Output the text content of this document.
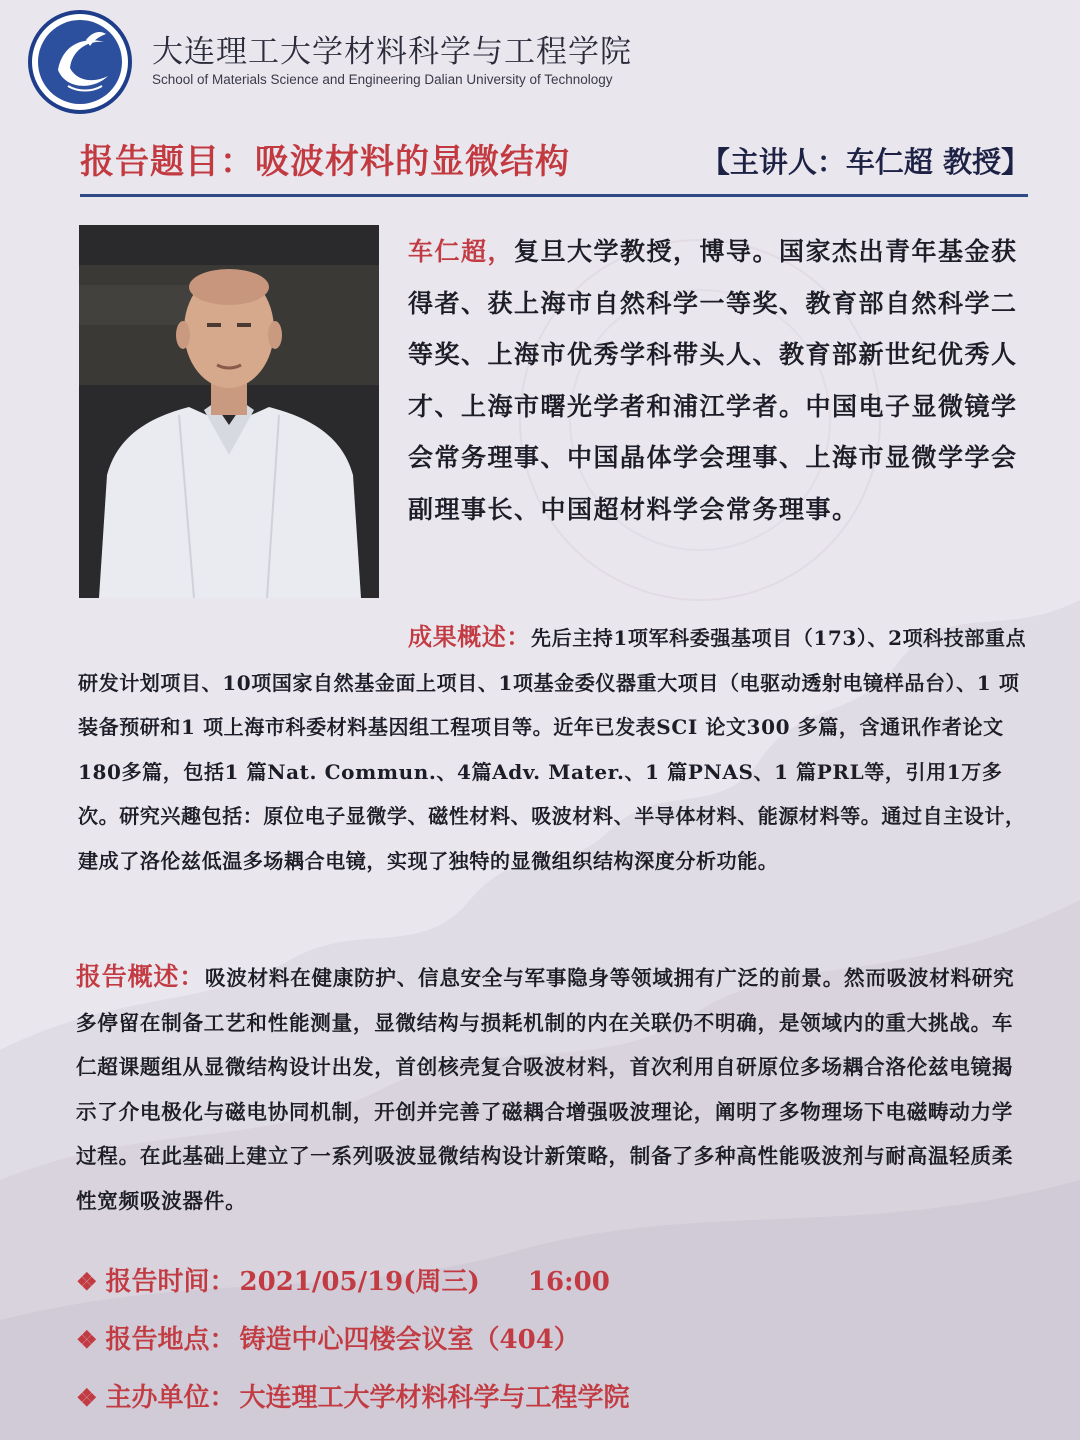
大连理工大学材料科学与工程学院
School of Materials Science and Engineering Dalian University of Technology
报告题目：吸波材料的显微结构	【主讲人：车仁超 教授】
车仁超，复旦大学教授，博导。国家杰出青年基金获得者、获上海市自然科学一等奖、教育部自然科学二等奖、上海市优秀学科带头人、教育部新世纪优秀人才、上海市曙光学者和浦江学者。中国电子显微镜学会常务理事、中国晶体学会理事、上海市显微学学会副理事长、中国超材料学会常务理事。
成果概述：先后主持1项军科委强基项目（173）、2项科技部重点研发计划项目、10项国家自然基金面上项目、1项基金委仪器重大项目（电驱动透射电镜样品台）、1 项装备预研和1 项上海市科委材料基因组工程项目等。近年已发表SCI 论文300 多篇，含通讯作者论文180多篇，包括1 篇Nat. Commun.、4篇Adv. Mater.、1 篇PNAS、1 篇PRL等，引用1万多次。研究兴趣包括：原位电子显微学、磁性材料、吸波材料、半导体材料、能源材料等。通过自主设计，建成了洛伦兹低温多场耦合电镜，实现了独特的显微组织结构深度分析功能。
报告概述：吸波材料在健康防护、信息安全与军事隐身等领域拥有广泛的前景。然而吸波材料研究多停留在制备工艺和性能测量，显微结构与损耗机制的内在关联仍不明确，是领域内的重大挑战。车仁超课题组从显微结构设计出发，首创核壳复合吸波材料，首次利用自研原位多场耦合洛伦兹电镜揭示了介电极化与磁电协同机制，开创并完善了磁耦合增强吸波理论，阐明了多物理场下电磁畴动力学过程。在此基础上建立了一系列吸波显微结构设计新策略，制备了多种高性能吸波剂与耐高温轻质柔性宽频吸波器件。
❖ 报告时间： 2021/05/19(周三) 16:00
❖ 报告地点： 铸造中心四楼会议室（404）
❖ 主办单位： 大连理工大学材料科学与工程学院
